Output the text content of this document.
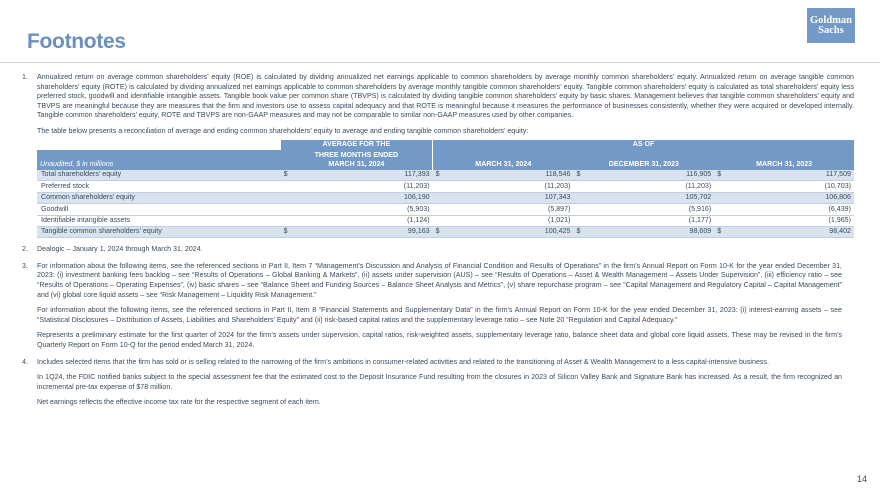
Footnotes
Goldman
Sachs
1.	Annualized return on average common shareholders’ equity (ROE) is calculated by dividing annualized net earnings applicable to common shareholders by average monthly common shareholders’ equity. Annualized return on average tangible common shareholders’ equity (ROTE) is calculated by dividing annualized net earnings applicable to common shareholders by average monthly tangible common shareholders’ equity. Tangible common shareholders’ equity is calculated as total shareholders’ equity less preferred stock, goodwill and identifiable intangible assets. Tangible book value per common share (TBVPS) is calculated by dividing tangible common shareholders’ equity by basic shares. Management believes that tangible common shareholders’ equity and TBVPS are meaningful because they are measures that the firm and investors use to assess capital adequacy and that ROTE is meaningful because it measures the performance of businesses consistently, whether they were acquired or developed internally. Tangible common shareholders’ equity, ROTE and TBVPS are non-GAAP measures and may not be comparable to similar non-GAAP measures used by other companies.

The table below presents a reconciliation of average and ending common shareholders’ equity to average and ending tangible common shareholders’ equity:

	AVERAGE FOR THE		AS OF					
Unaudited, $ in millions	THREE MONTHS ENDED
MARCH 31, 2024		MARCH 31, 2024		DECEMBER 31, 2023		MARCH 31, 2023	
Total shareholders’ equity	$	117,393	$	118,546	$	116,905	$	117,509
Preferred stock		(11,203)		(11,203)		(11,203)		(10,703)
Common shareholders’ equity		106,190		107,343		105,702		106,806
Goodwill		(5,903)		(5,897)		(5,916)		(6,439)
Identifiable intangible assets		(1,124)		(1,021)		(1,177)		(1,965)
Tangible common shareholders’ equity	$	99,163	$	100,425	$	98,609	$	98,402
2.	Dealogic – January 1, 2024 through March 31, 2024.

3.	For information about the following items, see the referenced sections in Part II, Item 7 “Management’s Discussion and Analysis of Financial Condition and Results of Operations” in the firm’s Annual Report on Form 10-K for the year ended December 31, 2023: (i) investment banking fees backlog – see “Results of Operations – Global Banking & Markets”, (ii) assets under supervision (AUS) – see “Results of Operations – Asset & Wealth Management – Assets Under Supervision”, (iii) efficiency ratio – see “Results of Operations – Operating Expenses”, (iv) basic shares – see “Balance Sheet and Funding Sources – Balance Sheet Analysis and Metrics”, (v) share repurchase program – see “Capital Management and Regulatory Capital – Capital Management” and (vi) global core liquid assets – see “Risk Management – Liquidity Risk Management.”

For information about the following items, see the referenced sections in Part II, Item 8 “Financial Statements and Supplementary Data” in the firm’s Annual Report on Form 10-K for the year ended December 31, 2023: (i) interest-earning assets – see “Statistical Disclosures – Distribution of Assets, Liabilities and Shareholders’ Equity” and (ii) risk-based capital ratios and the supplementary leverage ratio – see Note 20 “Regulation and Capital Adequacy.”

Represents a preliminary estimate for the first quarter of 2024 for the firm’s assets under supervision, capital ratios, risk-weighted assets, supplementary leverage ratio, balance sheet data and global core liquid assets. These may be revised in the firm’s Quarterly Report on Form 10-Q for the period ended March 31, 2024.

4.	Includes selected items that the firm has sold or is selling related to the narrowing of the firm’s ambitions in consumer-related activities and related to the transitioning of Asset & Wealth Management to a less capital-intensive business.

In 1Q24, the FDIC notified banks subject to the special assessment fee that the estimated cost to the Deposit Insurance Fund resulting from the closures in 2023 of Silicon Valley Bank and Signature Bank has increased. As a result, the firm recognized an incremental pre-tax expense of $78 million.

Net earnings reflects the effective income tax rate for the respective segment of each item.

14
